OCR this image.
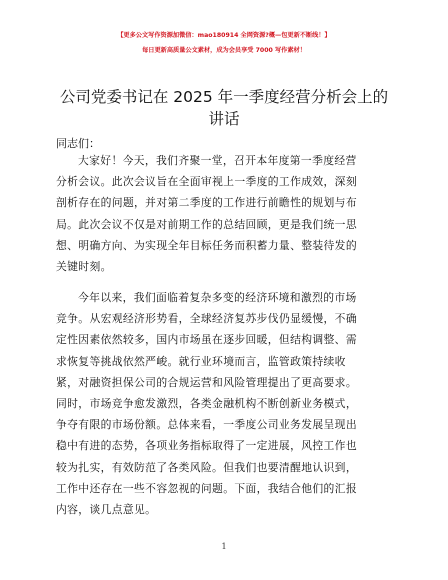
【更多公文写作资源加微信：mao180914 全网资源?概—包更新不断线！】
每日更新高质量公文素材，成为会员享受 7000 写作素材！
公司党委书记在 2025 年一季度经营分析会上的
讲话
同志们：
大家好！今天，我们齐聚一堂，召开本年度第一季度经营
分析会议。此次会议旨在全面审视上一季度的工作成效，深刻
剖析存在的问题，并对第二季度的工作进行前瞻性的规划与布
局。此次会议不仅是对前期工作的总结回顾，更是我们统一思
想、明确方向、为实现全年目标任务而积蓄力量、整装待发的
关键时刻。
今年以来，我们面临着复杂多变的经济环境和激烈的市场
竞争。从宏观经济形势看，全球经济复苏步伐仍显缓慢，不确
定性因素依然较多，国内市场虽在逐步回暖，但结构调整、需
求恢复等挑战依然严峻。就行业环境而言，监管政策持续收
紧，对融资担保公司的合规运营和风险管理提出了更高要求。
同时，市场竞争愈发激烈，各类金融机构不断创新业务模式，
争夺有限的市场份额。总体来看，一季度公司业务发展呈现出
稳中有进的态势，各项业务指标取得了一定进展，风控工作也
较为扎实，有效防范了各类风险。但我们也要清醒地认识到，
工作中还存在一些不容忽视的问题。下面，我结合他们的汇报
内容，谈几点意见。
1
